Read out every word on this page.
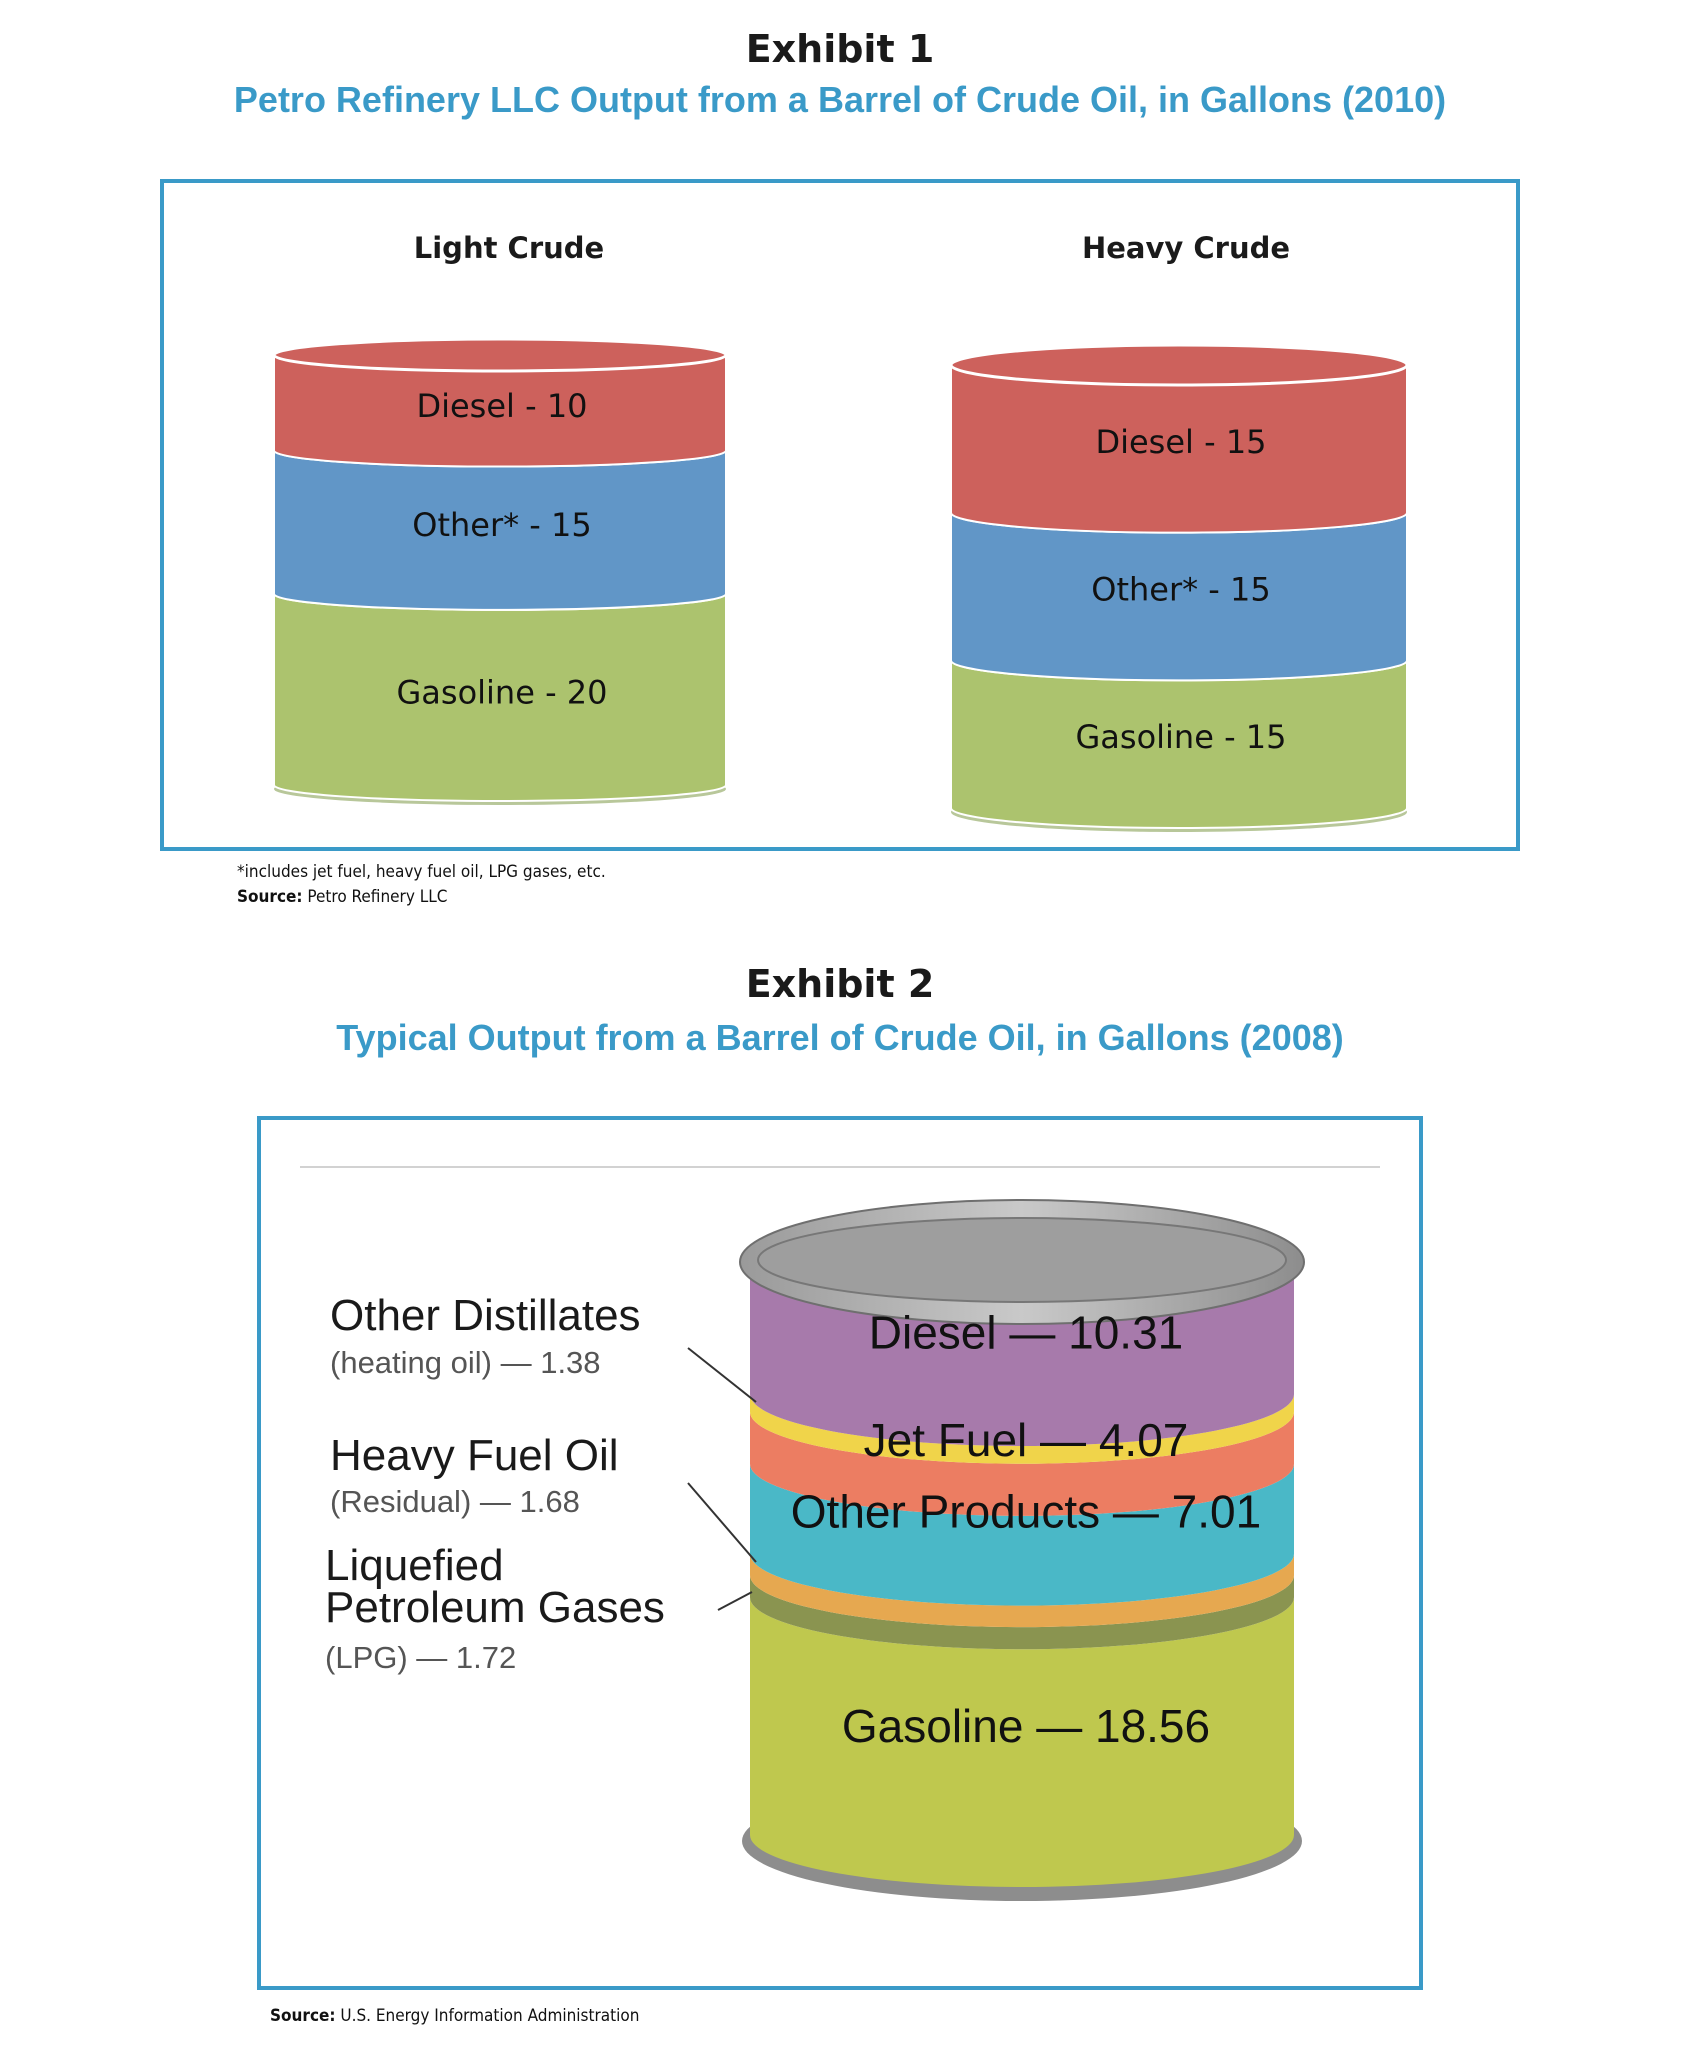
Exhibit 1
Petro Refinery LLC Output from a Barrel of Crude Oil, in Gallons (2010)
Light Crude	Heavy Crude
Diesel - 10
Other* - 15
Gasoline - 20
Diesel - 15
Other* - 15
Gasoline - 15
*includes jet fuel, heavy fuel oil, LPG gases, etc.
Source: Petro Refinery LLC
Exhibit 2
Typical Output from a Barrel of Crude Oil, in Gallons (2008)
Diesel — 10.31
Jet Fuel — 4.07
Other Products — 7.01
Gasoline — 18.56
Other Distillates
(heating oil) — 1.38
Heavy Fuel Oil
(Residual) — 1.68
Liquefied
Petroleum Gases
(LPG) — 1.72
Source: U.S. Energy Information Administration
